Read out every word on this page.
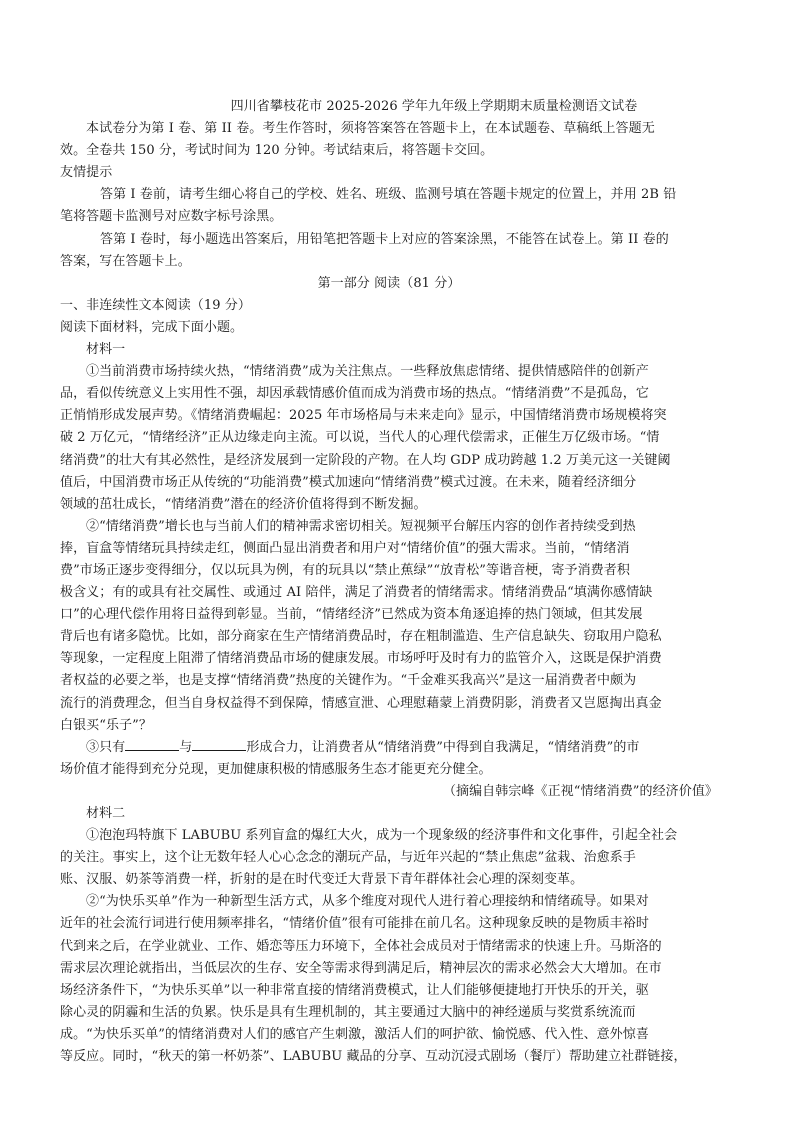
四川省攀枝花市 2025-2026 学年九年级上学期期末质量检测语文试卷
本试卷分为第 I 卷、第 II 卷。考生作答时，须将答案答在答题卡上，在本试题卷、草稿纸上答题无
效。全卷共 150 分，考试时间为 120 分钟。考试结束后，将答题卡交回。
友情提示
答第 I 卷前，请考生细心将自己的学校、姓名、班级、监测号填在答题卡规定的位置上，并用 2B 铅
笔将答题卡监测号对应数字标号涂黑。
答第 I 卷时，每小题选出答案后，用铅笔把答题卡上对应的答案涂黑，不能答在试卷上。第 II 卷的
答案，写在答题卡上。
第一部分 阅读（81 分）
一、非连续性文本阅读（19 分）
阅读下面材料，完成下面小题。
材料一
①当前消费市场持续火热，“情绪消费”成为关注焦点。一些释放焦虑情绪、提供情感陪伴的创新产
品，看似传统意义上实用性不强，却因承载情感价值而成为消费市场的热点。“情绪消费”不是孤岛，它
正悄悄形成发展声势。《情绪消费崛起：2025 年市场格局与未来走向》显示，中国情绪消费市场规模将突
破 2 万亿元，“情绪经济”正从边缘走向主流。可以说，当代人的心理代偿需求，正催生万亿级市场。“情
绪消费”的壮大有其必然性，是经济发展到一定阶段的产物。在人均 GDP 成功跨越 1.2 万美元这一关键阈
值后，中国消费市场正从传统的“功能消费”模式加速向“情绪消费”模式过渡。在未来，随着经济细分
领域的茁壮成长，“情绪消费”潜在的经济价值将得到不断发掘。
②“情绪消费”增长也与当前人们的精神需求密切相关。短视频平台解压内容的创作者持续受到热
捧，盲盒等情绪玩具持续走红，侧面凸显出消费者和用户对“情绪价值”的强大需求。当前，“情绪消
费”市场正逐步变得细分，仅以玩具为例，有的玩具以“禁止蕉绿”“放青松”等谐音梗，寄予消费者积
极含义；有的或具有社交属性、或通过 AI 陪伴，满足了消费者的情绪需求。情绪消费品“填满你感情缺
口”的心理代偿作用将日益得到彰显。当前，“情绪经济”已然成为资本角逐追捧的热门领域，但其发展
背后也有诸多隐忧。比如，部分商家在生产情绪消费品时，存在粗制滥造、生产信息缺失、窃取用户隐私
等现象，一定程度上阻滞了情绪消费品市场的健康发展。市场呼吁及时有力的监管介入，这既是保护消费
者权益的必要之举，也是支撑“情绪消费”热度的关键作为。“千金难买我高兴”是这一届消费者中颇为
流行的消费理念，但当自身权益得不到保障，情感宣泄、心理慰藉蒙上消费阴影，消费者又岂愿掏出真金
白银买“乐子”？
③只有	与	形成合力，让消费者从“情绪消费”中得到自我满足，“情绪消费”的市
场价值才能得到充分兑现，更加健康积极的情感服务生态才能更充分健全。
（摘编自韩宗峰《正视“情绪消费”的经济价值》
材料二
①泡泡玛特旗下 LABUBU 系列盲盒的爆红大火，成为一个现象级的经济事件和文化事件，引起全社会
的关注。事实上，这个让无数年轻人心心念念的潮玩产品，与近年兴起的“禁止焦虑”盆栽、治愈系手
账、汉服、奶茶等消费一样，折射的是在时代变迁大背景下青年群体社会心理的深刻变革。
②“为快乐买单”作为一种新型生活方式，从多个维度对现代人进行着心理接纳和情绪疏导。如果对
近年的社会流行词进行使用频率排名，“情绪价值”很有可能排在前几名。这种现象反映的是物质丰裕时
代到来之后，在学业就业、工作、婚恋等压力环境下，全体社会成员对于情绪需求的快速上升。马斯洛的
需求层次理论就指出，当低层次的生存、安全等需求得到满足后，精神层次的需求必然会大大增加。在市
场经济条件下，“为快乐买单”以一种非常直接的情绪消费模式，让人们能够便捷地打开快乐的开关，驱
除心灵的阴霾和生活的负累。快乐是具有生理机制的，其主要通过大脑中的神经递质与奖赏系统流而
成。“为快乐买单”的情绪消费对人们的感官产生刺激，激活人们的呵护欲、愉悦感、代入性、意外惊喜
等反应。同时，“秋天的第一杯奶茶”、LABUBU 藏品的分享、互动沉浸式剧场（餐厅）帮助建立社群链接，
